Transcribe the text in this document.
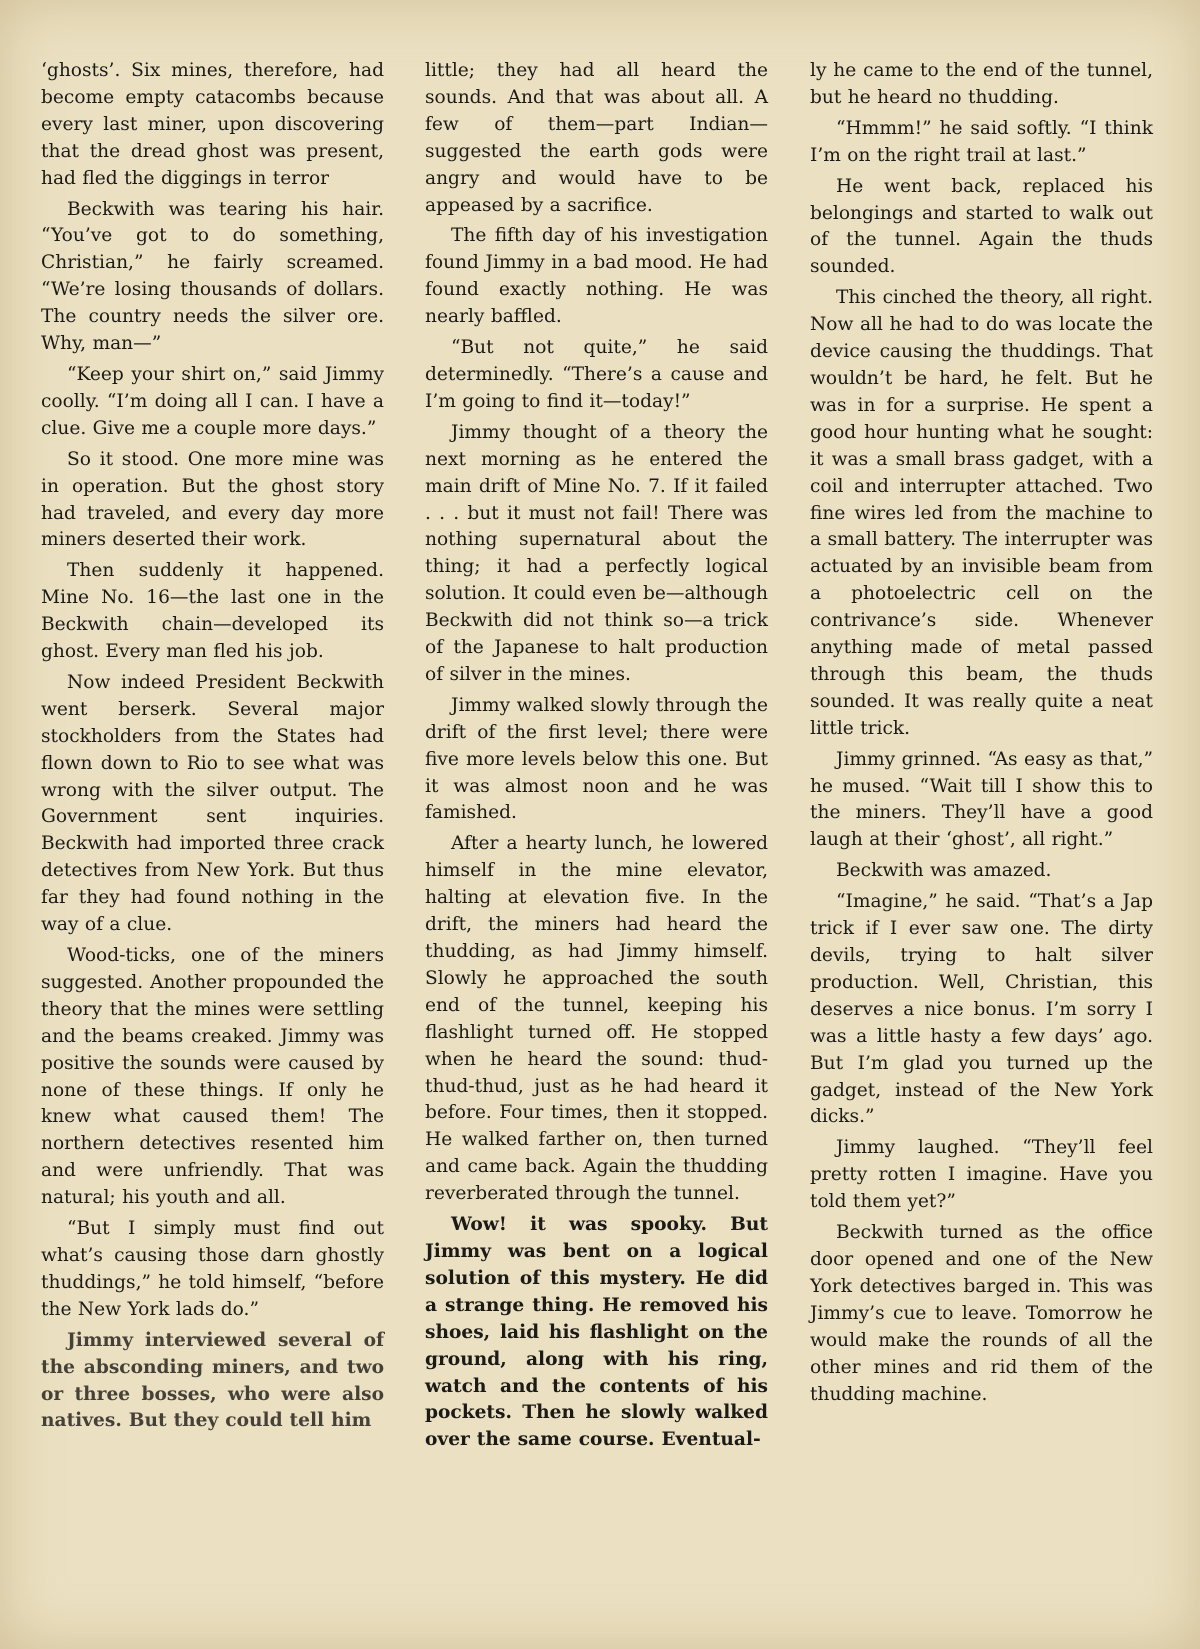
‘ghosts’. Six mines, therefore, had become empty catacombs because every last miner, upon discovering that the dread ghost was present, had fled the diggings in terror

Beckwith was tearing his hair. “You’ve got to do something, Christian,” he fairly screamed. “We’re losing thousands of dollars. The country needs the silver ore. Why, man—”

“Keep your shirt on,” said Jimmy coolly. “I’m doing all I can. I have a clue. Give me a couple more days.”

So it stood. One more mine was in operation. But the ghost story had traveled, and every day more miners deserted their work.

Then suddenly it happened. Mine No. 16—the last one in the Beckwith chain—developed its ghost. Every man fled his job.

Now indeed President Beckwith went berserk. Several major stockholders from the States had flown down to Rio to see what was wrong with the silver output. The Government sent inquiries. Beckwith had imported three crack detectives from New York. But thus far they had found nothing in the way of a clue.

Wood-ticks, one of the miners suggested. Another propounded the theory that the mines were settling and the beams creaked. Jimmy was positive the sounds were caused by none of these things. If only he knew what caused them! The northern detectives resented him and were unfriendly. That was natural; his youth and all.

“But I simply must find out what’s causing those darn ghostly thuddings,” he told himself, “before the New York lads do.”

Jimmy interviewed several of the absconding miners, and two or three bosses, who were also natives. But they could tell him

little; they had all heard the sounds. And that was about all. A few of them—part Indian—suggested the earth gods were angry and would have to be appeased by a sacrifice.

The fifth day of his investigation found Jimmy in a bad mood. He had found exactly nothing. He was nearly baffled.

“But not quite,” he said determinedly. “There’s a cause and I’m going to find it—today!”

Jimmy thought of a theory the next morning as he entered the main drift of Mine No. 7. If it failed . . . but it must not fail! There was nothing supernatural about the thing; it had a perfectly logical solution. It could even be—although Beckwith did not think so—a trick of the Japanese to halt production of silver in the mines.

Jimmy walked slowly through the drift of the first level; there were five more levels below this one. But it was almost noon and he was famished.

After a hearty lunch, he lowered himself in the mine elevator, halting at elevation five. In the drift, the miners had heard the thudding, as had Jimmy himself. Slowly he approached the south end of the tunnel, keeping his flashlight turned off. He stopped when he heard the sound: thud-thud-thud, just as he had heard it before. Four times, then it stopped. He walked farther on, then turned and came back. Again the thudding reverberated through the tunnel.

Wow! it was spooky. But Jimmy was bent on a logical solution of this mystery. He did a strange thing. He removed his shoes, laid his flashlight on the ground, along with his ring, watch and the contents of his pockets. Then he slowly walked over the same course. Eventual-

ly he came to the end of the tunnel, but he heard no thudding.

“Hmmm!” he said softly. “I think I’m on the right trail at last.”

He went back, replaced his belongings and started to walk out of the tunnel. Again the thuds sounded.

This cinched the theory, all right. Now all he had to do was locate the device causing the thuddings. That wouldn’t be hard, he felt. But he was in for a surprise. He spent a good hour hunting what he sought: it was a small brass gadget, with a coil and interrupter attached. Two fine wires led from the machine to a small battery. The interrupter was actuated by an invisible beam from a photoelectric cell on the contrivance’s side. Whenever anything made of metal passed through this beam, the thuds sounded. It was really quite a neat little trick.

Jimmy grinned. “As easy as that,” he mused. “Wait till I show this to the miners. They’ll have a good laugh at their ‘ghost’, all right.”

Beckwith was amazed.

“Imagine,” he said. “That’s a Jap trick if I ever saw one. The dirty devils, trying to halt silver production. Well, Christian, this deserves a nice bonus. I’m sorry I was a little hasty a few days’ ago. But I’m glad you turned up the gadget, instead of the New York dicks.”

Jimmy laughed. “They’ll feel pretty rotten I imagine. Have you told them yet?”

Beckwith turned as the office door opened and one of the New York detectives barged in. This was Jimmy’s cue to leave. Tomorrow he would make the rounds of all the other mines and rid them of the thudding machine.
